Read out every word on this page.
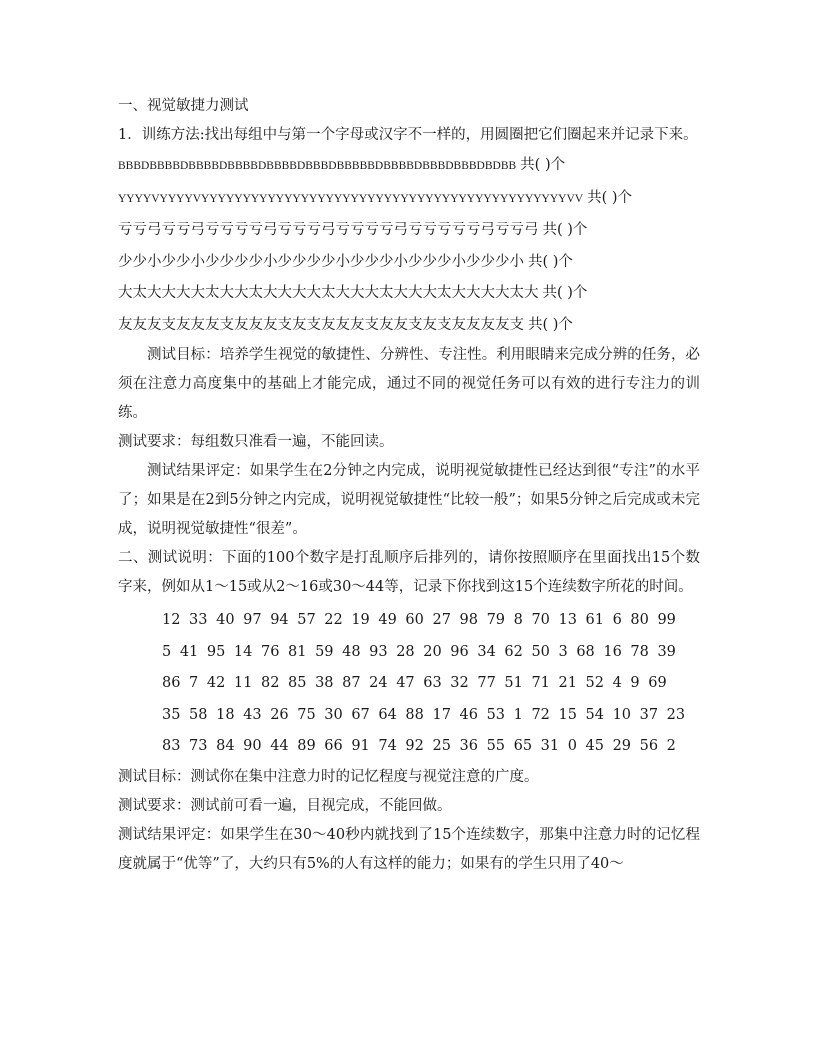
一、视觉敏捷力测试
1．训练方法:找出每组中与第一个字母或汉字不一样的，用圆圈把它们圈起来并记录下来。
BBBDBBBBDBBBBDBBBBDBBBBDBBBDBBBBBDBBBBDBBBDBBBDBDBB 共( )个
YYYYVYYYYVYYYYYYYYYYYYYYYYYYYYYYYYYYYYYYYYYYYYYYYYYYYYVV 共( )个
亏亏弓亏亏弓亏亏亏亏弓亏亏亏弓亏亏亏亏弓亏亏亏亏亏弓亏亏弓 共( )个
少少小少少小少少少少小少少少少小少少少小少少少小少少少小 共( )个
大太大大大大太大大太大大大大太大大大太大大大太大大大大太大 共( )个
友友友支友友友支友友友支友支友友友支友友支友支友友友友支 共( )个
测试目标：培养学生视觉的敏捷性、分辨性、专注性。利用眼睛来完成分辨的任务，必须在注意力高度集中的基础上才能完成，通过不同的视觉任务可以有效的进行专注力的训练。
测试要求：每组数只准看一遍，不能回读。
测试结果评定：如果学生在2分钟之内完成，说明视觉敏捷性已经达到很“专注”的水平了；如果是在2到5分钟之内完成，说明视觉敏捷性“比较一般”；如果5分钟之后完成或未完成，说明视觉敏捷性“很差”。
二、测试说明：下面的100个数字是打乱顺序后排列的，请你按照顺序在里面找出15个数字来，例如从1～15或从2～16或30～44等，记录下你找到这15个连续数字所花的时间。
12 33 40 97 94 57 22 19 49 60 27 98 79 8 70 13 61 6 80 99
5 41 95 14 76 81 59 48 93 28 20 96 34 62 50 3 68 16 78 39
86 7 42 11 82 85 38 87 24 47 63 32 77 51 71 21 52 4 9 69
35 58 18 43 26 75 30 67 64 88 17 46 53 1 72 15 54 10 37 23
83 73 84 90 44 89 66 91 74 92 25 36 55 65 31 0 45 29 56 2
测试目标：测试你在集中注意力时的记忆程度与视觉注意的广度。
测试要求：测试前可看一遍，目视完成，不能回做。
测试结果评定：如果学生在30～40秒内就找到了15个连续数字，那集中注意力时的记忆程度就属于“优等”了，大约只有5%的人有这样的能力；如果有的学生只用了40～
